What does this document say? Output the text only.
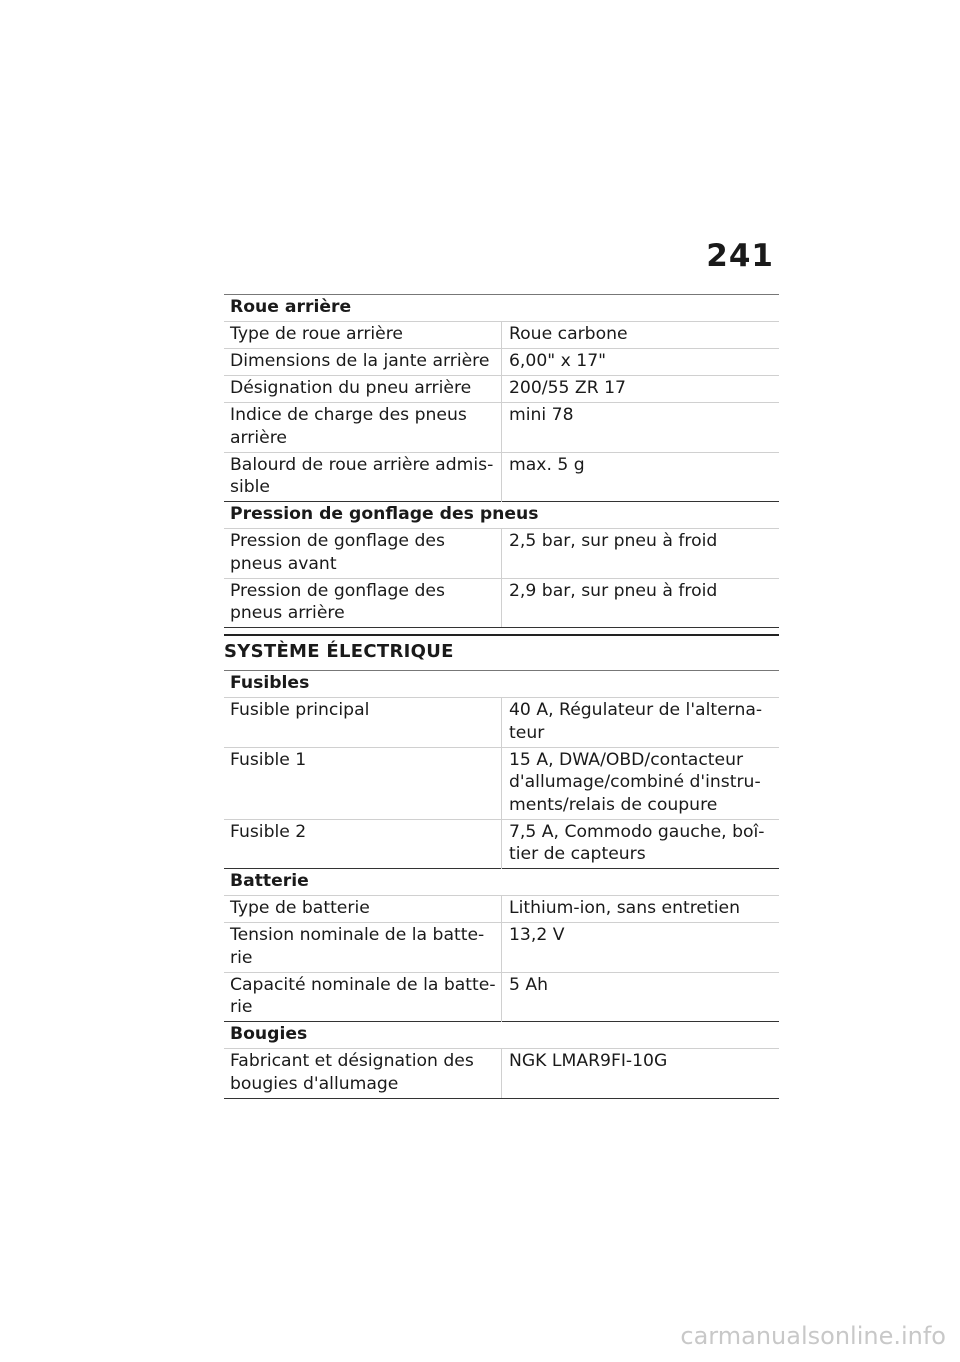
241
Roue arrière	
Type de roue arrière	Roue carbone
Dimensions de la jante arrière	6,00" x 17"
Désignation du pneu arrière	200/55 ZR 17
Indice de charge des pneus arrière	mini 78
Balourd de roue arrière admis-sible	max. 5 g
Pression de gonflage des pneus	
Pression de gonflage des pneus avant	2,5 bar, sur pneu à froid
Pression de gonflage des pneus arrière	2,9 bar, sur pneu à froid
SYSTÈME ÉLECTRIQUE
Fusibles	
Fusible principal	40 A, Régulateur de l'alterna-teur
Fusible 1	15 A, DWA/OBD/contacteur d'allumage/combiné d'instru-ments/relais de coupure
Fusible 2	7,5 A, Commodo gauche, boî-tier de capteurs
Batterie	
Type de batterie	Lithium-ion, sans entretien
Tension nominale de la batte-rie	13,2 V
Capacité nominale de la batte-rie	5 Ah
Bougies	
Fabricant et désignation des bougies d'allumage	NGK LMAR9FI-10G
carmanualsonline.info
